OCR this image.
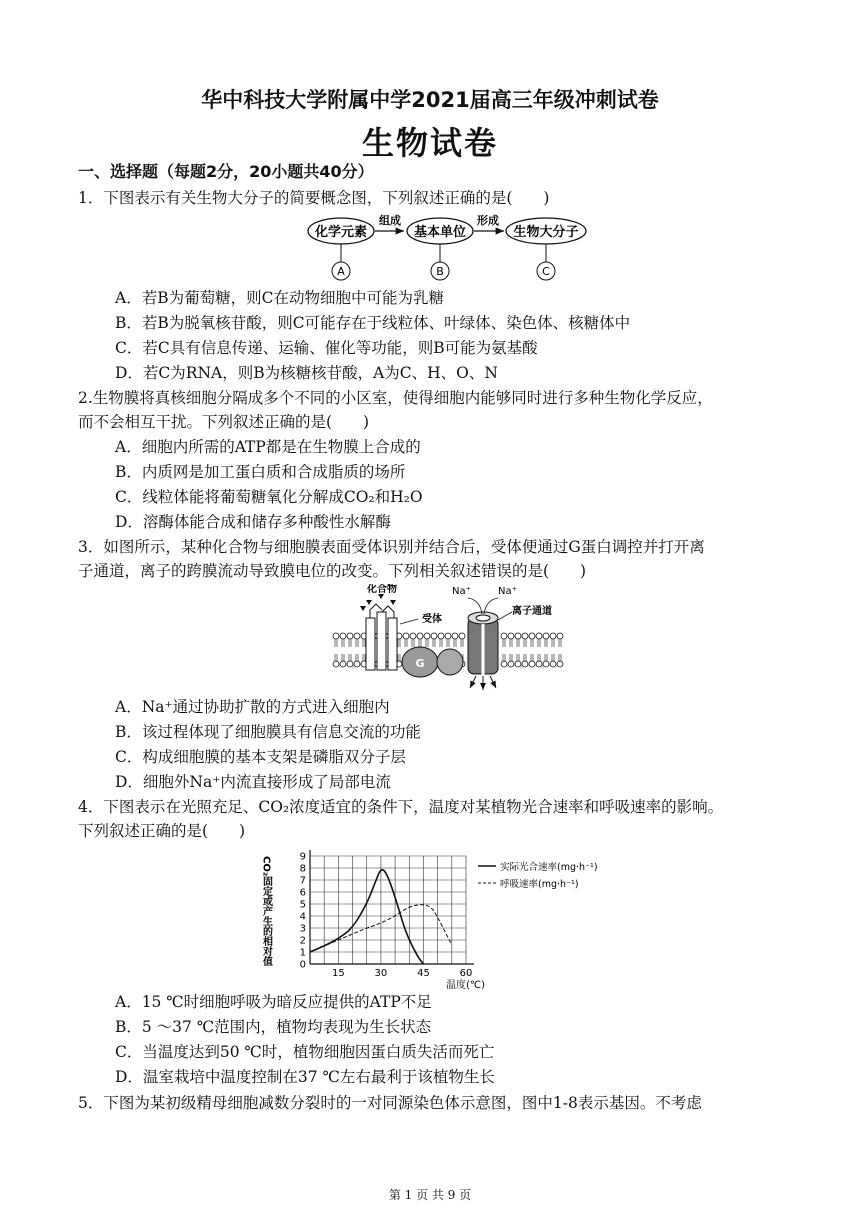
华中科技大学附属中学2021届高三年级冲刺试卷
生物试卷
一、选择题（每题2分，20小题共40分）
1．下图表示有关生物大分子的简要概念图，下列叙述正确的是(　　)
化学元素
组成
基本单位
形成
生物大分子
A	B	C
A．若B为葡萄糖，则C在动物细胞中可能为乳糖
B．若B为脱氧核苷酸，则C可能存在于线粒体、叶绿体、染色体、核糖体中
C．若C具有信息传递、运输、催化等功能，则B可能为氨基酸
D．若C为RNA，则B为核糖核苷酸，A为C、H、O、N
2.生物膜将真核细胞分隔成多个不同的小区室，使得细胞内能够同时进行多种生物化学反应，
而不会相互干扰。下列叙述正确的是(　　)
A．细胞内所需的ATP都是在生物膜上合成的
B．内质网是加工蛋白质和合成脂质的场所
C．线粒体能将葡萄糖氧化分解成CO₂和H₂O
D．溶酶体能合成和储存多种酸性水解酶
3．如图所示，某种化合物与细胞膜表面受体识别并结合后，受体便通过G蛋白调控并打开离
子通道，离子的跨膜流动导致膜电位的改变。下列相关叙述错误的是(　　)
化合物
受体
G
Na⁺	Na⁺
离子通道
A．Na⁺通过协助扩散的方式进入细胞内
B．该过程体现了细胞膜具有信息交流的功能
C．构成细胞膜的基本支架是磷脂双分子层
D．细胞外Na⁺内流直接形成了局部电流
4．下图表示在光照充足、CO₂浓度适宜的条件下，温度对某植物光合速率和呼吸速率的影响。
下列叙述正确的是(　　)
0
1
2
3
4
5
6
7
8
9
15	30	45	60
CO₂固定或产生的相对值
温度(℃)
实际光合速率(mg·h⁻¹)
呼吸速率(mg·h⁻¹)
A．15 ℃时细胞呼吸为暗反应提供的ATP不足
B．5 ～37 ℃范围内，植物均表现为生长状态
C．当温度达到50 ℃时，植物细胞因蛋白质失活而死亡
D．温室栽培中温度控制在37 ℃左右最利于该植物生长
5．下图为某初级精母细胞减数分裂时的一对同源染色体示意图，图中1-8表示基因。不考虑
第 1 页 共 9 页
